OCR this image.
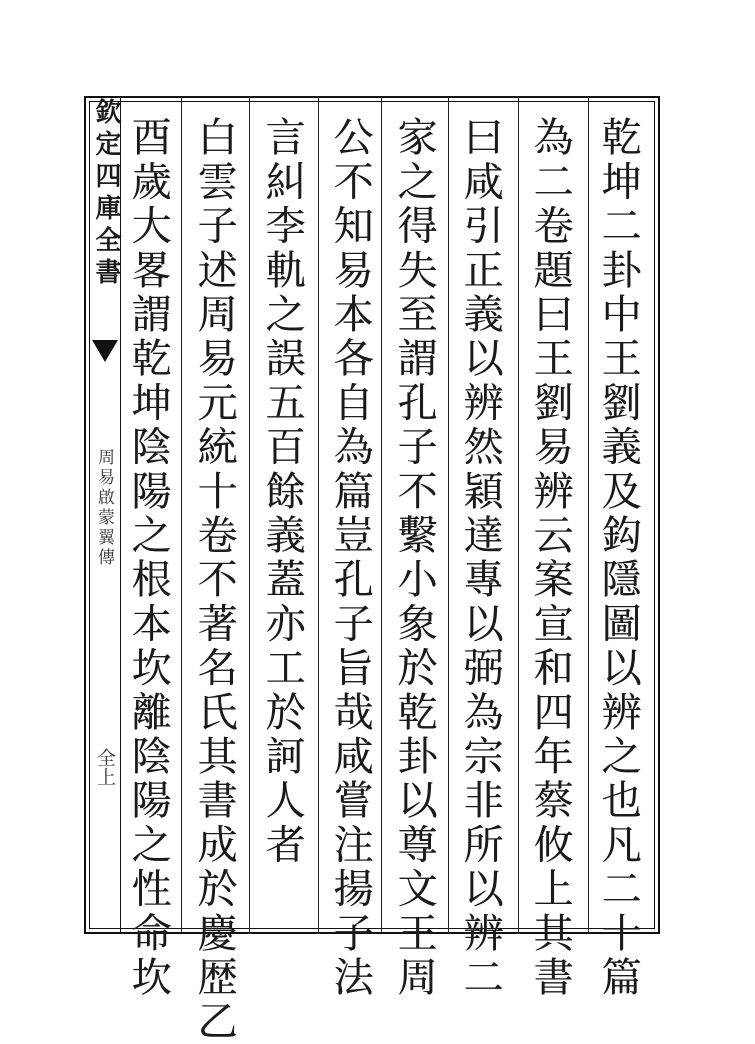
欽定四庫全書
周易啟蒙翼傳
全上	乾坤二卦中王劉義及鈎隱圖以辨之也凡二十篇
為二卷題曰王劉易辨云案宣和四年蔡攸上其書
曰咸引正義以辨然穎達專以弼為宗非所以辨二
家之得失至謂孔子不繫小象於乾卦以尊文王周
公不知易本各自為篇豈孔子旨哉咸嘗注揚子法
言糾李軌之誤五百餘義蓋亦工於訶人者
白雲子述周易元統十卷不著名氏其書成於慶歴乙
酉歲大畧謂乾坤陰陽之根本坎離陰陽之性命坎
